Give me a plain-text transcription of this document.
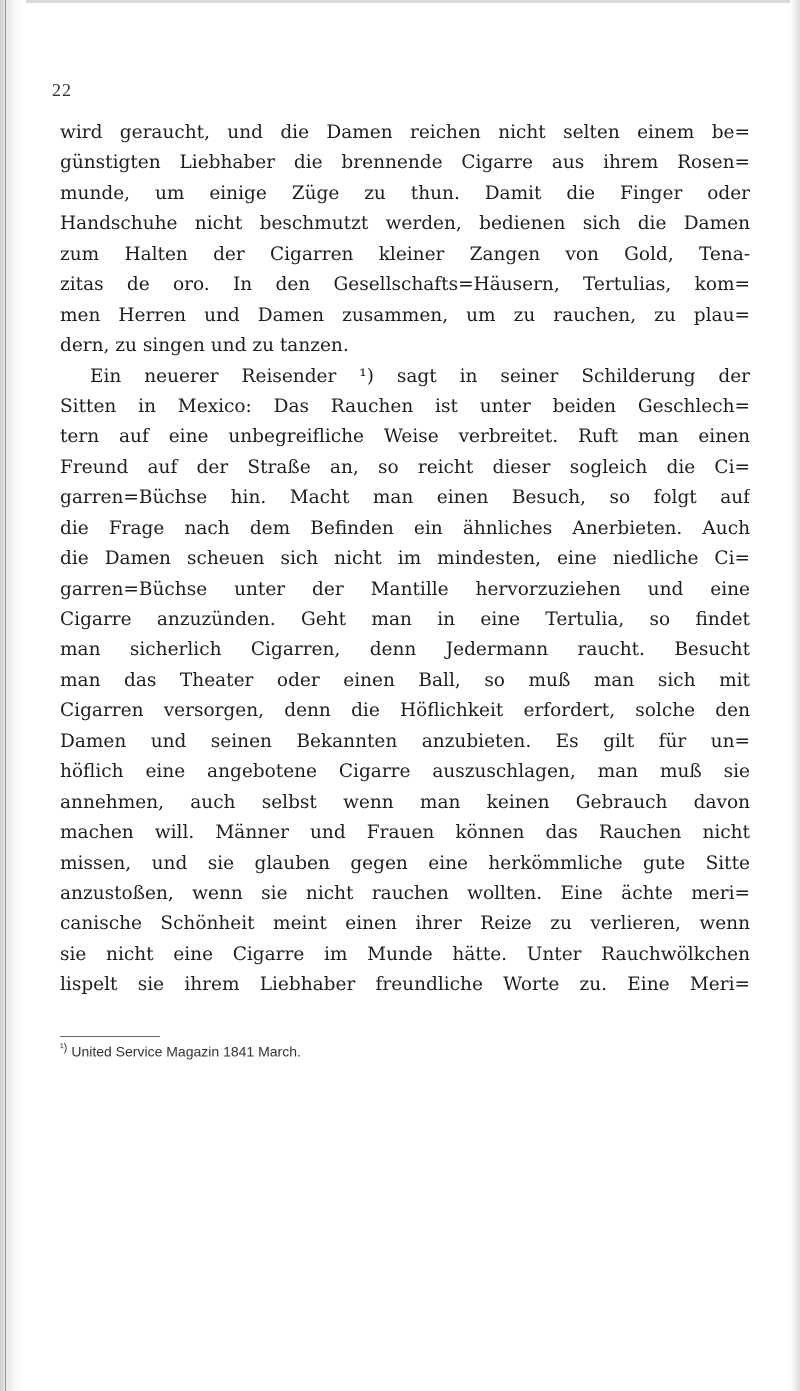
22
wird geraucht, und die Damen reichen nicht selten einem be=
günstigten Liebhaber die brennende Cigarre aus ihrem Rosen=
munde, um einige Züge zu thun. Damit die Finger oder
Handschuhe nicht beschmutzt werden, bedienen sich die Damen
zum Halten der Cigarren kleiner Zangen von Gold, Tena-
zitas de oro. In den Gesellschafts=Häusern, Tertulias, kom=
men Herren und Damen zusammen, um zu rauchen, zu plau=
dern, zu singen und zu tanzen.
Ein neuerer Reisender ¹) sagt in seiner Schilderung der
Sitten in Mexico: Das Rauchen ist unter beiden Geschlech=
tern auf eine unbegreifliche Weise verbreitet. Ruft man einen
Freund auf der Straße an, so reicht dieser sogleich die Ci=
garren=Büchse hin. Macht man einen Besuch, so folgt auf
die Frage nach dem Befinden ein ähnliches Anerbieten. Auch
die Damen scheuen sich nicht im mindesten, eine niedliche Ci=
garren=Büchse unter der Mantille hervorzuziehen und eine
Cigarre anzuzünden. Geht man in eine Tertulia, so findet
man sicherlich Cigarren, denn Jedermann raucht. Besucht
man das Theater oder einen Ball, so muß man sich mit
Cigarren versorgen, denn die Höflichkeit erfordert, solche den
Damen und seinen Bekannten anzubieten. Es gilt für un=
höflich eine angebotene Cigarre auszuschlagen, man muß sie
annehmen, auch selbst wenn man keinen Gebrauch davon
machen will. Männer und Frauen können das Rauchen nicht
missen, und sie glauben gegen eine herkömmliche gute Sitte
anzustoßen, wenn sie nicht rauchen wollten. Eine ächte meri=
canische Schönheit meint einen ihrer Reize zu verlieren, wenn
sie nicht eine Cigarre im Munde hätte. Unter Rauchwölkchen
lispelt sie ihrem Liebhaber freundliche Worte zu. Eine Meri=
$^{^1)}$ United Service Magazin 1841 March.
